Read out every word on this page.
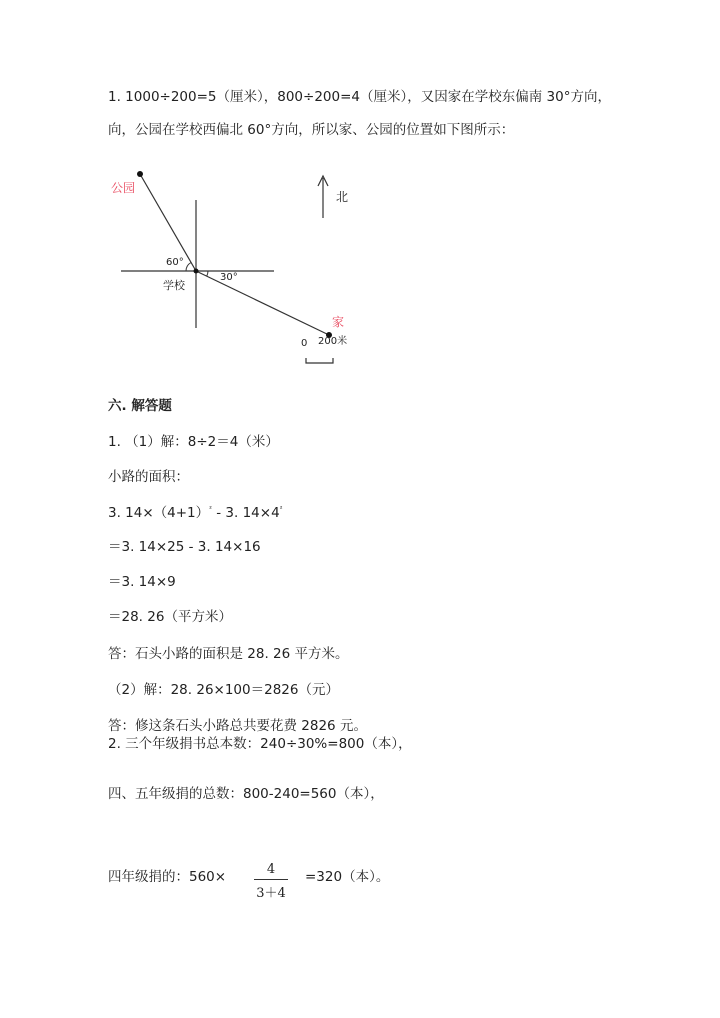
1. 1000÷200=5（厘米），800÷200=4（厘米），又因家在学校东偏南 30°方向，
向，公园在学校西偏北 60°方向，所以家、公园的位置如下图所示：
公园
学校
家
北
60°
30°
0 200米
六. 解答题
1. （1）解：8÷2＝4（米）
小路的面积：
3. $14\times(4+1)^{^2} - 3$. $14\times 4^{^2}$
＝3. 14×25 - 3. 14×16
＝3. 14×9
＝28. 26（平方米）
答：石头小路的面积是 28. 26 平方米。
（2）解：28. 26×100＝2826（元）
答：修这条石头小路总共要花费 2826 元。
2. 三个年级捐书总本数：240÷30%=800（本），
四、五年级捐的总数：800-240=560（本），
四年级捐的：560×	4
3＋4
=320（本）。
